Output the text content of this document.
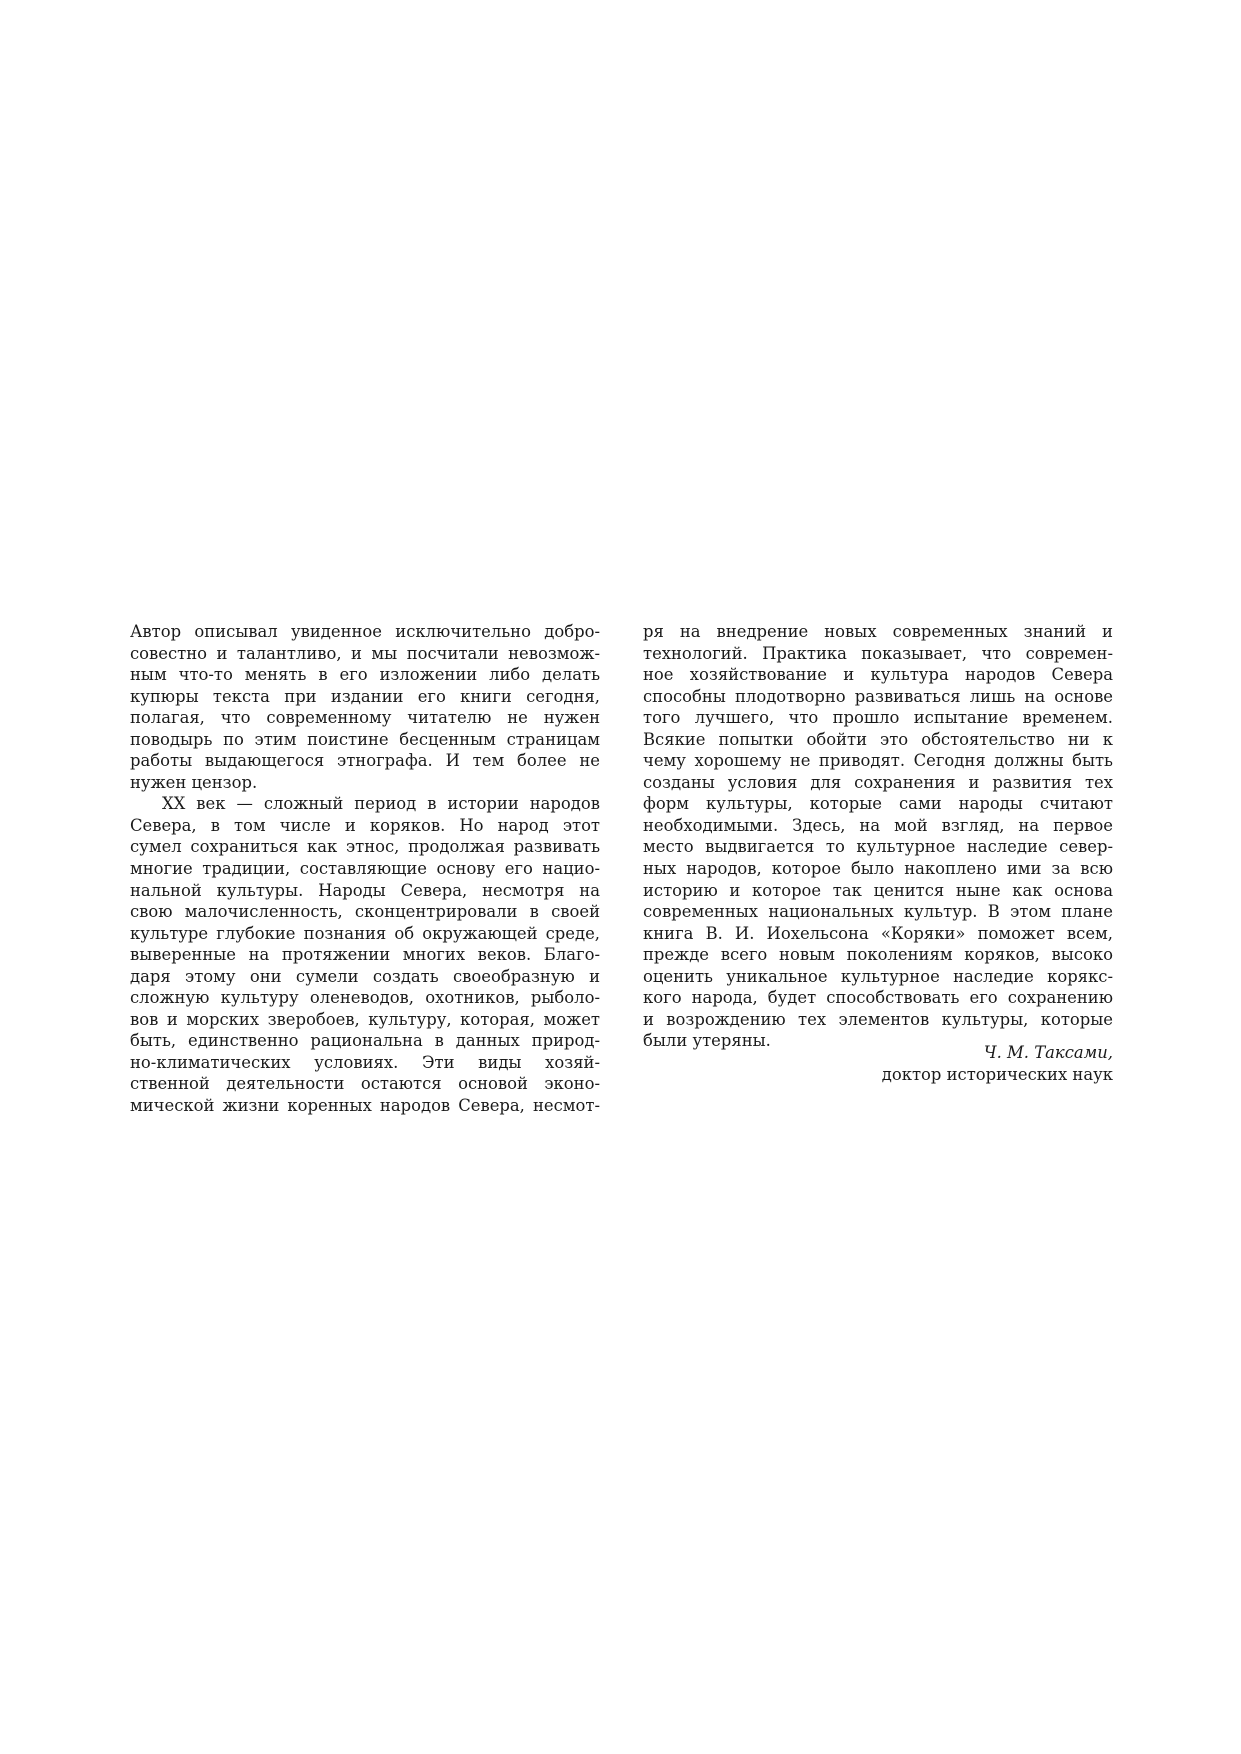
Автор описывал увиденное исключительно добро-
совестно и талантливо, и мы посчитали невозмож-
ным что-то менять в его изложении либо делать
купюры текста при издании его книги сегодня,
полагая, что современному читателю не нужен
поводырь по этим поистине бесценным страницам
работы выдающегося этнографа. И тем более не
нужен цензор.
XX век — сложный период в истории народов
Севера, в том числе и коряков. Но народ этот
сумел сохраниться как этнос, продолжая развивать
многие традиции, составляющие основу его нацио-
нальной культуры. Народы Севера, несмотря на
свою малочисленность, сконцентрировали в своей
культуре глубокие познания об окружающей среде,
выверенные на протяжении многих веков. Благо-
даря этому они сумели создать своеобразную и
сложную культуру оленеводов, охотников, рыболо-
вов и морских зверобоев, культуру, которая, может
быть, единственно рациональна в данных природ-
но-климатических условиях. Эти виды хозяй-
ственной деятельности остаются основой эконо-
мической жизни коренных народов Севера, несмот-
ря на внедрение новых современных знаний и
технологий. Практика показывает, что современ-
ное хозяйствование и культура народов Севера
способны плодотворно развиваться лишь на основе
того лучшего, что прошло испытание временем.
Всякие попытки обойти это обстоятельство ни к
чему хорошему не приводят. Сегодня должны быть
созданы условия для сохранения и развития тех
форм культуры, которые сами народы считают
необходимыми. Здесь, на мой взгляд, на первое
место выдвигается то культурное наследие север-
ных народов, которое было накоплено ими за всю
историю и которое так ценится ныне как основа
современных национальных культур. В этом плане
книга В. И. Иохельсона «Коряки» поможет всем,
прежде всего новым поколениям коряков, высоко
оценить уникальное культурное наследие корякс-
кого народа, будет способствовать его сохранению
и возрождению тех элементов культуры, которые
были утеряны.
Ч. М. Таксами,
доктор исторических наук
